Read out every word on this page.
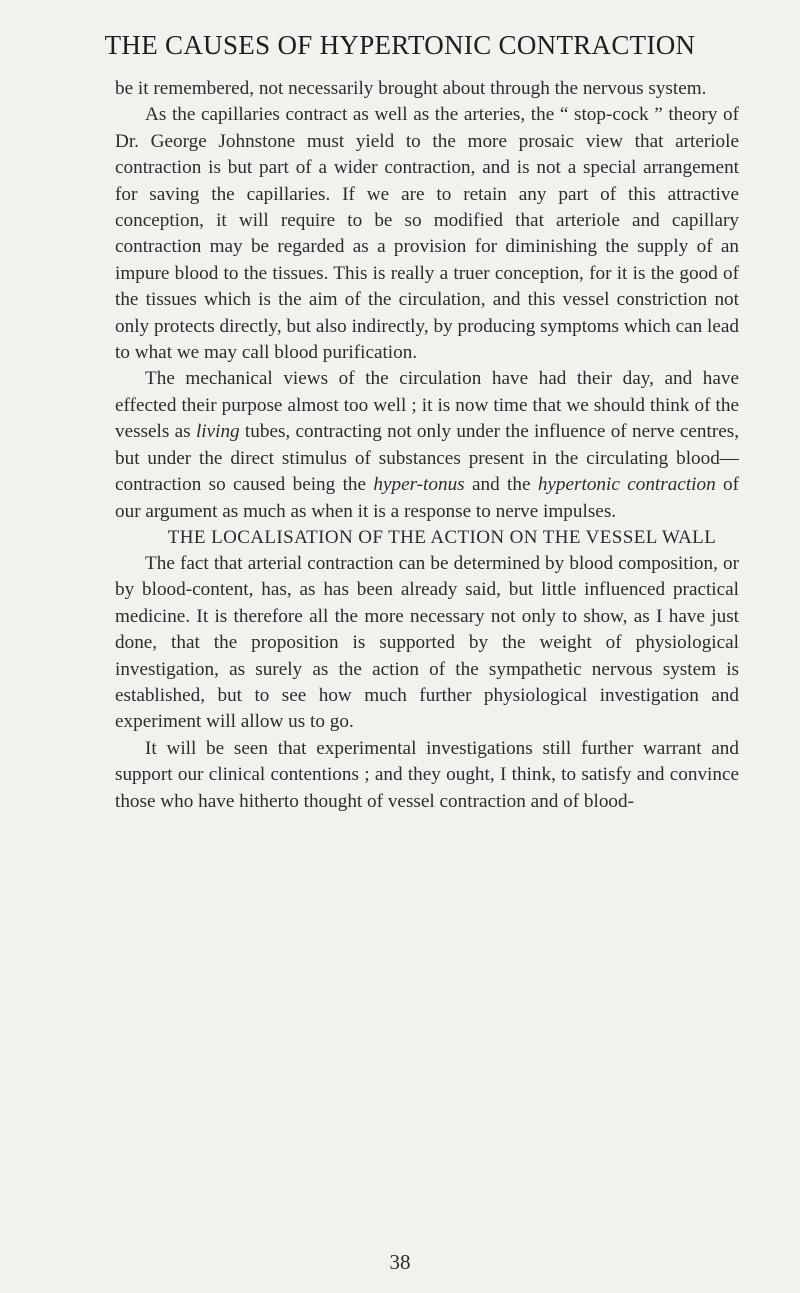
THE CAUSES OF HYPERTONIC CONTRACTION

be it remembered, not necessarily brought about through the nervous system.

As the capillaries contract as well as the arteries, the “ stop-cock ” theory of Dr. George Johnstone must yield to the more prosaic view that arteriole contraction is but part of a wider contraction, and is not a special arrangement for saving the capillaries. If we are to retain any part of this attractive conception, it will require to be so modified that arteriole and capillary contraction may be regarded as a provision for diminishing the supply of an impure blood to the tissues. This is really a truer conception, for it is the good of the tissues which is the aim of the circulation, and this vessel constriction not only protects directly, but also indirectly, by producing symptoms which can lead to what we may call blood purification.

The mechanical views of the circulation have had their day, and have effected their purpose almost too well ; it is now time that we should think of the vessels as living tubes, contracting not only under the influence of nerve centres, but under the direct stimulus of substances present in the circulating blood—contraction so caused being the hyper-tonus and the hypertonic contraction of our argument as much as when it is a response to nerve impulses.

THE LOCALISATION OF THE ACTION ON THE VESSEL WALL

The fact that arterial contraction can be determined by blood composition, or by blood-content, has, as has been already said, but little influenced practical medicine. It is therefore all the more necessary not only to show, as I have just done, that the proposition is supported by the weight of physiological investigation, as surely as the action of the sympathetic nervous system is established, but to see how much further physiological investigation and experiment will allow us to go.

It will be seen that experimental investigations still further warrant and support our clinical contentions ; and they ought, I think, to satisfy and convince those who have hitherto thought of vessel contraction and of blood-

38
